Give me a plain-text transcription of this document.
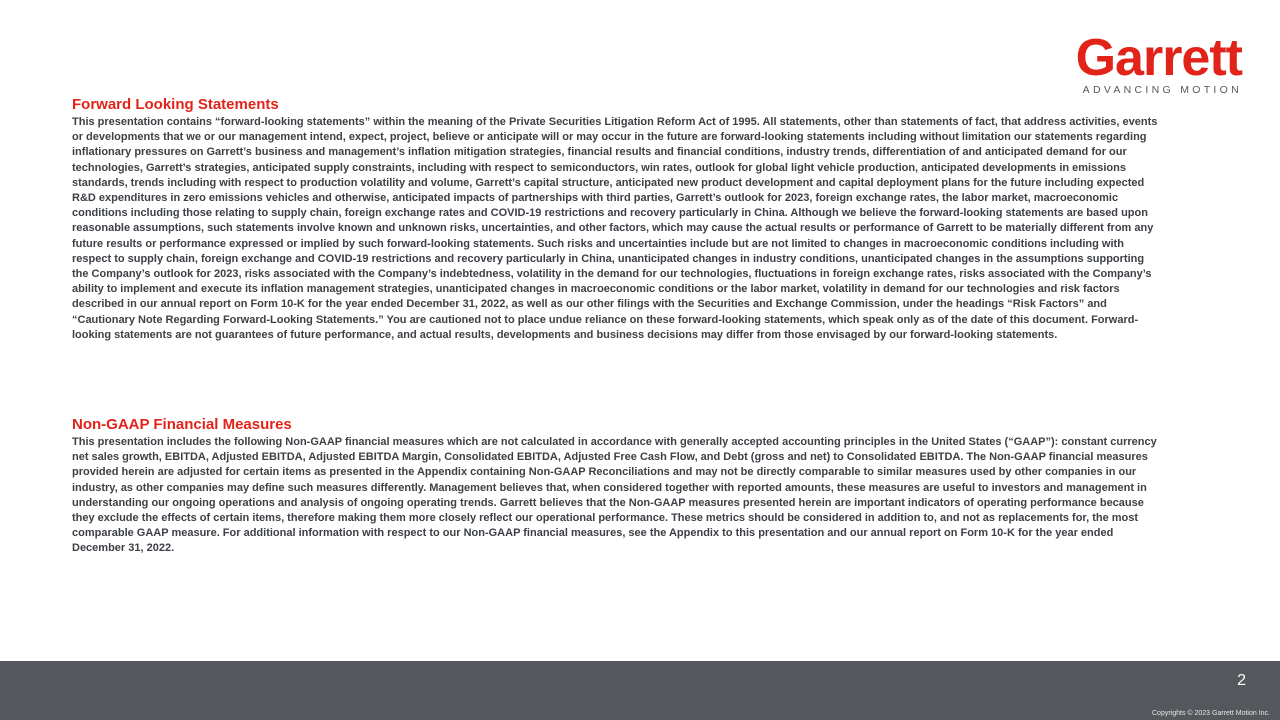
Garrett
ADVANCING MOTION
Forward Looking Statements
This presentation contains “forward-looking statements” within the meaning of the Private Securities Litigation Reform Act of 1995. All statements, other than statements of fact, that address activities, events or developments that we or our management intend, expect, project, believe or anticipate will or may occur in the future are forward-looking statements including without limitation our statements regarding inflationary pressures on Garrett’s business and management’s inflation mitigation strategies, financial results and financial conditions, industry trends, differentiation of and anticipated demand for our technologies, Garrett’s strategies, anticipated supply constraints, including with respect to semiconductors, win rates, outlook for global light vehicle production, anticipated developments in emissions standards, trends including with respect to production volatility and volume, Garrett’s capital structure, anticipated new product development and capital deployment plans for the future including expected R&D expenditures in zero emissions vehicles and otherwise, anticipated impacts of partnerships with third parties, Garrett’s outlook for 2023, foreign exchange rates, the labor market, macroeconomic conditions including those relating to supply chain, foreign exchange rates and COVID-19 restrictions and recovery particularly in China. Although we believe the forward-looking statements are based upon reasonable assumptions, such statements involve known and unknown risks, uncertainties, and other factors, which may cause the actual results or performance of Garrett to be materially different from any future results or performance expressed or implied by such forward-looking statements. Such risks and uncertainties include but are not limited to changes in macroeconomic conditions including with respect to supply chain, foreign exchange and COVID-19 restrictions and recovery particularly in China, unanticipated changes in industry conditions, unanticipated changes in the assumptions supporting the Company’s outlook for 2023, risks associated with the Company’s indebtedness, volatility in the demand for our technologies, fluctuations in foreign exchange rates, risks associated with the Company’s ability to implement and execute its inflation management strategies, unanticipated changes in macroeconomic conditions or the labor market, volatility in demand for our technologies and risk factors described in our annual report on Form 10-K for the year ended December 31, 2022, as well as our other filings with the Securities and Exchange Commission, under the headings “Risk Factors” and “Cautionary Note Regarding Forward-Looking Statements.” You are cautioned not to place undue reliance on these forward-looking statements, which speak only as of the date of this document. Forward-looking statements are not guarantees of future performance, and actual results, developments and business decisions may differ from those envisaged by our forward-looking statements.
Non-GAAP Financial Measures
This presentation includes the following Non-GAAP financial measures which are not calculated in accordance with generally accepted accounting principles in the United States (“GAAP”): constant currency net sales growth, EBITDA, Adjusted EBITDA, Adjusted EBITDA Margin, Consolidated EBITDA, Adjusted Free Cash Flow, and Debt (gross and net) to Consolidated EBITDA. The Non-GAAP financial measures provided herein are adjusted for certain items as presented in the Appendix containing Non-GAAP Reconciliations and may not be directly comparable to similar measures used by other companies in our industry, as other companies may define such measures differently. Management believes that, when considered together with reported amounts, these measures are useful to investors and management in understanding our ongoing operations and analysis of ongoing operating trends. Garrett believes that the Non-GAAP measures presented herein are important indicators of operating performance because they exclude the effects of certain items, therefore making them more closely reflect our operational performance. These metrics should be considered in addition to, and not as replacements for, the most comparable GAAP measure. For additional information with respect to our Non-GAAP financial measures, see the Appendix to this presentation and our annual report on Form 10-K for the year ended December 31, 2022.
2
Copyrights © 2023 Garrett Motion Inc.
